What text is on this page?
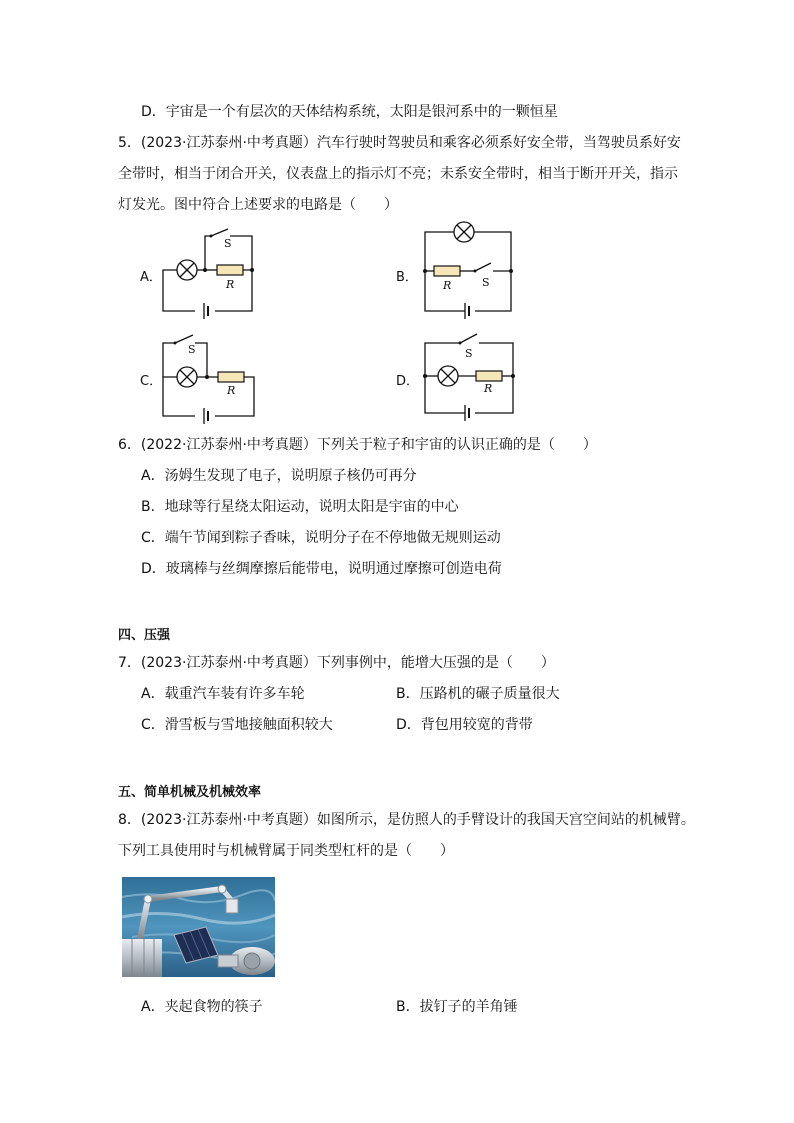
D．宇宙是一个有层次的天体结构系统，太阳是银河系中的一颗恒星
5．(2023·江苏泰州·中考真题）汽车行驶时驾驶员和乘客必须系好安全带，当驾驶员系好安
全带时，相当于闭合开关，仪表盘上的指示灯不亮；未系安全带时，相当于断开开关，指示
灯发光。图中符合上述要求的电路是（　　）
A．
S
R	B．
R	S
C．
S
R
D．
S
R
6．(2022·江苏泰州·中考真题）下列关于粒子和宇宙的认识正确的是（　　）
A．汤姆生发现了电子，说明原子核仍可再分
B．地球等行星绕太阳运动，说明太阳是宇宙的中心
C．端午节闻到粽子香味，说明分子在不停地做无规则运动
D．玻璃棒与丝绸摩擦后能带电，说明通过摩擦可创造电荷
四、压强
7．(2023·江苏泰州·中考真题）下列事例中，能增大压强的是（　　）
A．载重汽车装有许多车轮	B．压路机的碾子质量很大
C．滑雪板与雪地接触面积较大	D．背包用较宽的背带
五、简单机械及机械效率
8．(2023·江苏泰州·中考真题）如图所示，是仿照人的手臂设计的我国天宫空间站的机械臂。
下列工具使用时与机械臂属于同类型杠杆的是（　　）
A．夹起食物的筷子	B．拔钉子的羊角锤
